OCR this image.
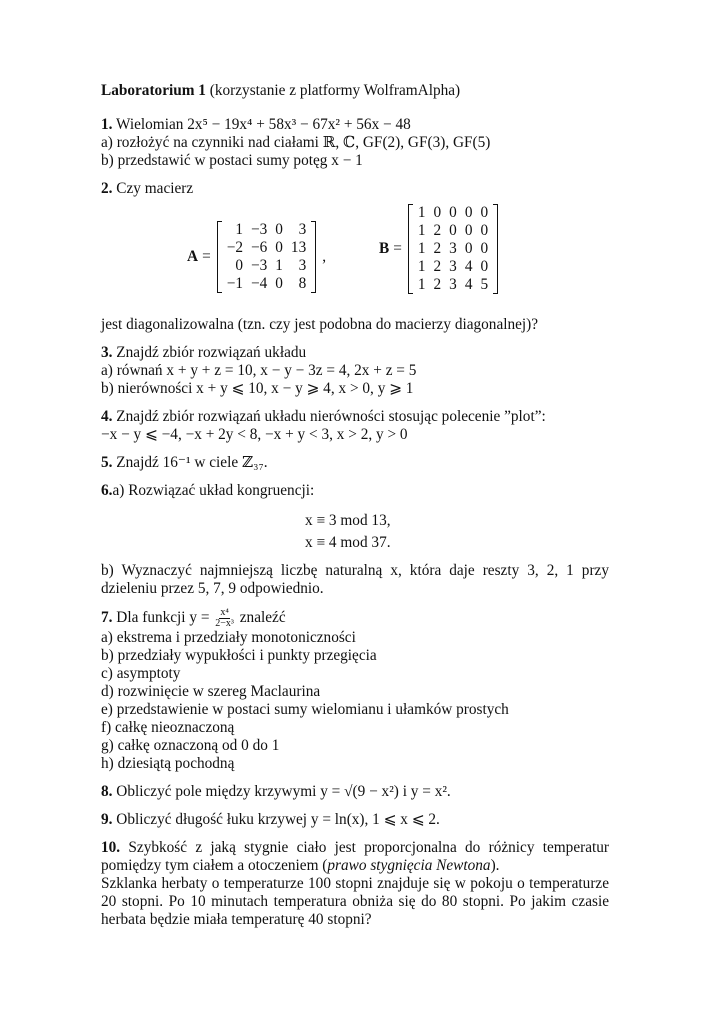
Laboratorium 1 (korzystanie z platformy WolframAlpha)

1. Wielomian 2x⁵ − 19x⁴ + 58x³ − 67x² + 56x − 48

a) rozłożyć na czynniki nad ciałami ℝ, ℂ, GF(2), GF(3), GF(5)

b) przedstawić w postaci sumy potęg x − 1

2. Czy macierz

A =
1	−3	0	3
−2	−6	0	13
0	−3	1	3
−1	−4	0	8
,	B =
1	0	0	0	0
1	2	0	0	0
1	2	3	0	0
1	2	3	4	0
1	2	3	4	5

jest diagonalizowalna (tzn. czy jest podobna do macierzy diagonalnej)?

3. Znajdź zbiór rozwiązań układu

a) równań x + y + z = 10, x − y − 3z = 4, 2x + z = 5

b) nierówności x + y ⩽ 10, x − y ⩾ 4, x > 0, y ⩾ 1

4. Znajdź zbiór rozwiązań układu nierówności stosując polecenie ”plot”:

−x − y ⩽ −4, −x + 2y < 8, −x + y < 3, x > 2, y > 0

5. Znajdź 16⁻¹ w ciele ℤ₃₇.

6.a) Rozwiązać układ kongruencji:

x ≡ 3 mod 13,

x ≡ 4 mod 37.

b) Wyznaczyć najmniejszą liczbę naturalną x, która daje reszty 3, 2, 1 przy dzieleniu przez 5, 7, 9 odpowiednio.

7. Dla funkcji $y = \frac{\text{x⁴}}{\text{2−x³}}$ znaleźć

a) ekstrema i przedziały monotoniczności

b) przedziały wypukłości i punkty przegięcia

c) asymptoty

d) rozwinięcie w szereg Maclaurina

e) przedstawienie w postaci sumy wielomianu i ułamków prostych

f) całkę nieoznaczoną

g) całkę oznaczoną od 0 do 1

h) dziesiątą pochodną

8. Obliczyć pole między krzywymi y = √(9 − x²) i y = x².

9. Obliczyć długość łuku krzywej y = ln(x), 1 ⩽ x ⩽ 2.

10. Szybkość z jaką stygnie ciało jest proporcjonalna do różnicy temperatur pomiędzy tym ciałem a otoczeniem (prawo stygnięcia Newtona).

Szklanka herbaty o temperaturze 100 stopni znajduje się w pokoju o temperaturze 20 stopni. Po 10 minutach temperatura obniża się do 80 stopni. Po jakim czasie herbata będzie miała temperaturę 40 stopni?
